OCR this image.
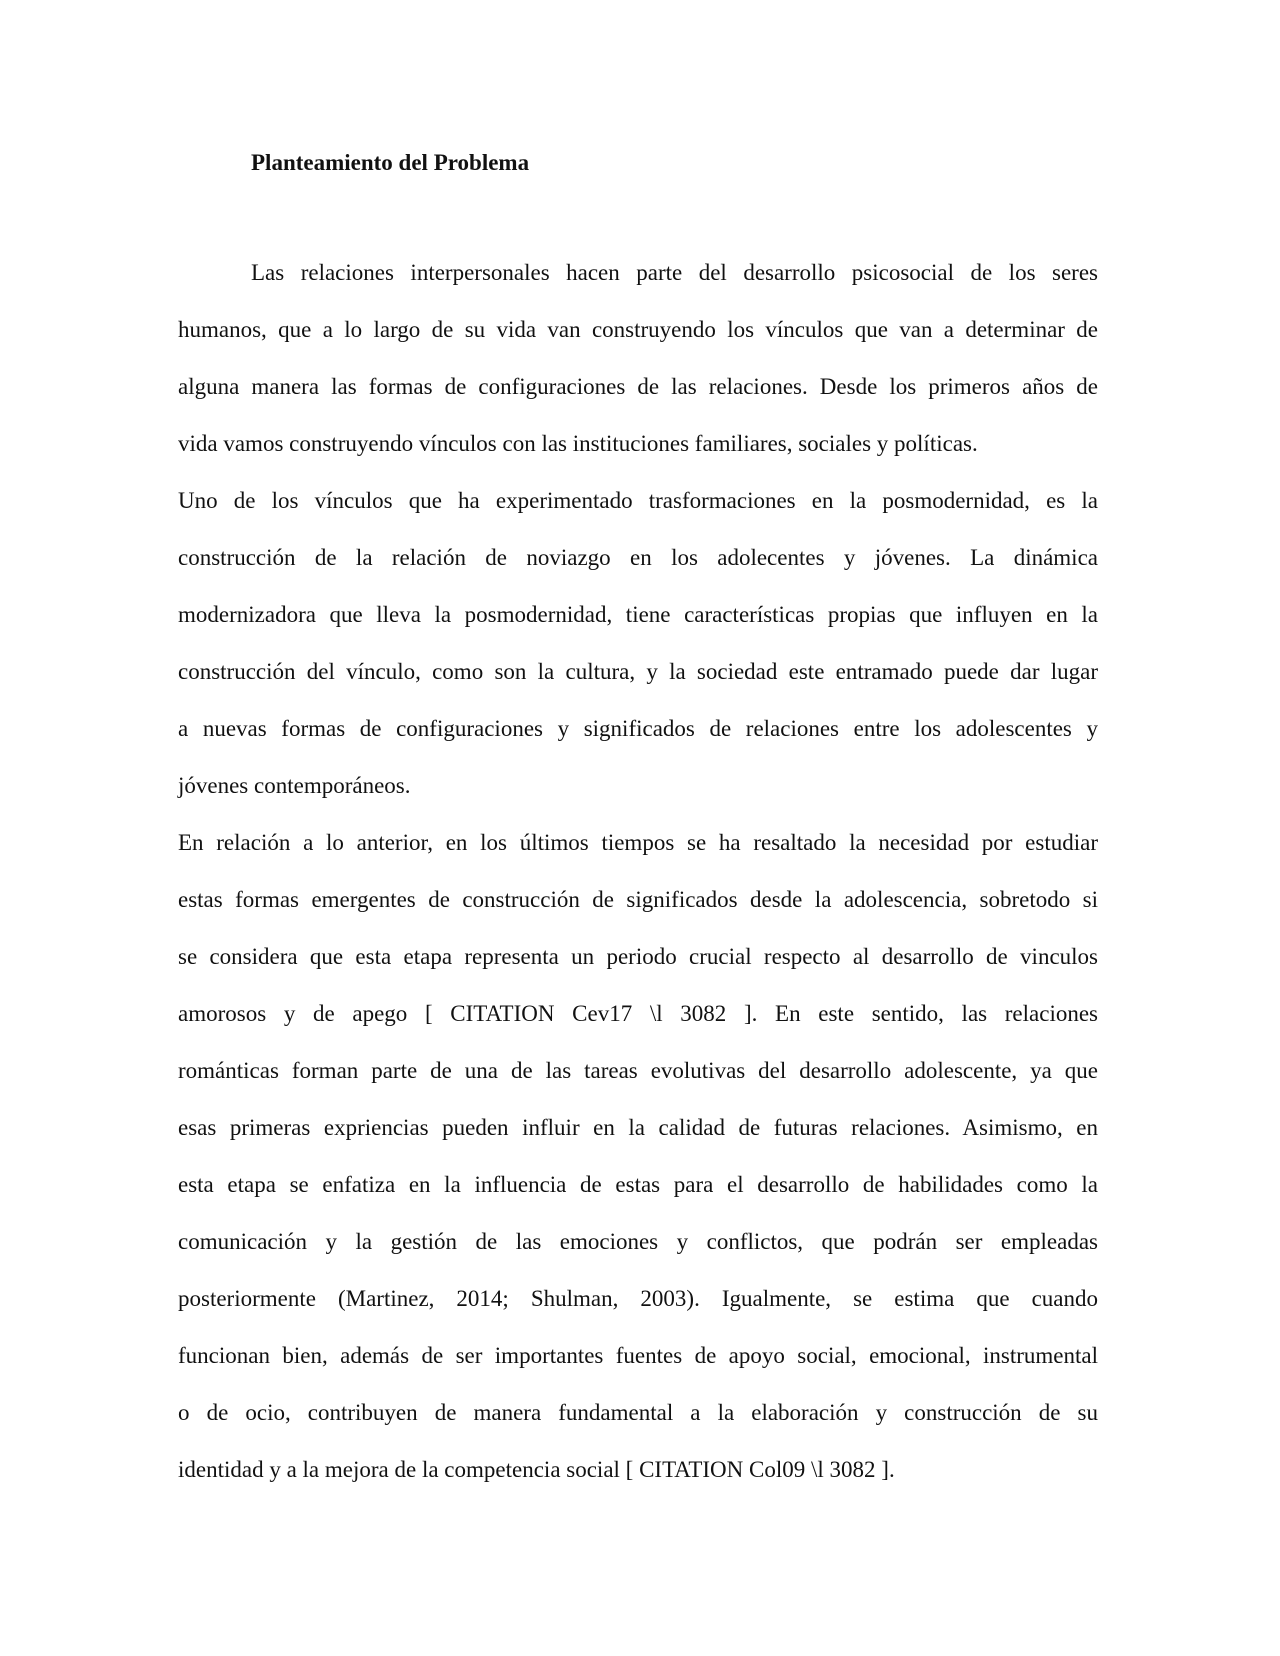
Planteamiento del Problema

Las relaciones interpersonales hacen parte del desarrollo psicosocial de los seres

humanos, que a lo largo de su vida van construyendo los vínculos que van a determinar de

alguna manera las formas de configuraciones de las relaciones. Desde los primeros años de

vida vamos construyendo vínculos con las instituciones familiares, sociales y políticas.

Uno de los vínculos que ha experimentado trasformaciones en la posmodernidad, es la

construcción de la relación de noviazgo en los adolecentes y jóvenes. La dinámica

modernizadora que lleva la posmodernidad, tiene características propias que influyen en la

construcción del vínculo, como son la cultura, y la sociedad este entramado puede dar lugar

a nuevas formas de configuraciones y significados de relaciones entre los adolescentes y

jóvenes contemporáneos.

En relación a lo anterior, en los últimos tiempos se ha resaltado la necesidad por estudiar

estas formas emergentes de construcción de significados desde la adolescencia, sobretodo si

se considera que esta etapa representa un periodo crucial respecto al desarrollo de vinculos

amorosos y de apego [ CITATION Cev17 \l 3082 ]. En este sentido, las relaciones

románticas forman parte de una de las tareas evolutivas del desarrollo adolescente, ya que

esas primeras expriencias pueden influir en la calidad de futuras relaciones. Asimismo, en

esta etapa se enfatiza en la influencia de estas para el desarrollo de habilidades como la

comunicación y la gestión de las emociones y conflictos, que podrán ser empleadas

posteriormente (Martinez, 2014; Shulman, 2003). Igualmente, se estima que cuando

funcionan bien, además de ser importantes fuentes de apoyo social, emocional, instrumental

o de ocio, contribuyen de manera fundamental a la elaboración y construcción de su

identidad y a la mejora de la competencia social [ CITATION Col09 \l 3082 ].
